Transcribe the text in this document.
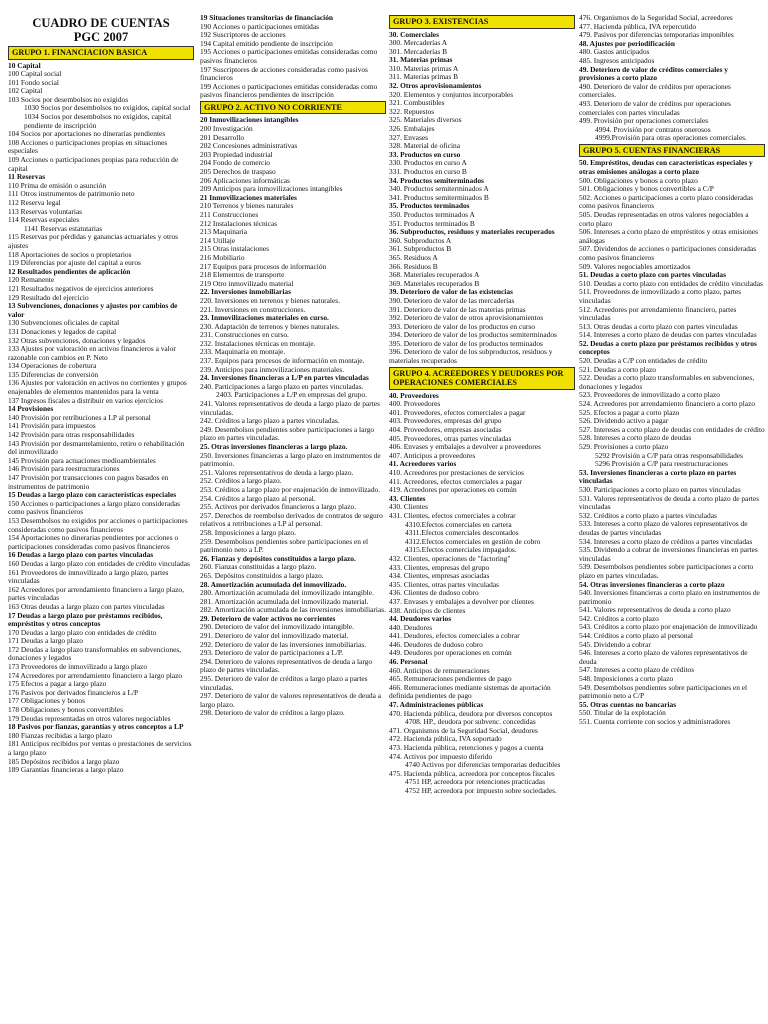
CUADRO DE CUENTAS
PGC 2007
GRUPO 1. FINANCIACION BASICA
10 Capital
100 Capital social
101 Fondo social
102 Capital
103 Socios por desembolsos no exigidos
1030 Socios por desembolsos no exigidos, capital social
1034 Socios por desembolsos no exigidos, capital pendiente de inscripción
104 Socios por aportaciones no dinerarias pendientes
108 Acciones o participaciones propias en situaciones especiales
109 Acciones o participaciones propias para reducción de capital
11 Reservas
110 Prima de emisión o asunción
111 Otros instrumentos de patrimonio neto
112 Reserva legal
113 Reservas voluntarias
114 Reservas especiales
1141 Reservas estatutarias
115 Reservas por pérdidas y ganancias actuariales y otros ajustes
118 Aportaciones de socios o propietarios
119 Diferencias por ajuste del capital a euros
12 Resultados pendientes de aplicación
120 Remanente
121 Resultados negativos de ejercicios anteriores
129 Resultado del ejercicio
13 Subvenciones, donaciones y ajustes por cambios de valor
130 Subvenciones oficiales de capital
131 Donaciones y legados de capital
132 Otras subvenciones, donaciones y legados
133 Ajustes por valoración en activos financieros a valor razonable con cambios en P. Neto
134 Operaciones de cobertura
135 Diferencias de conversión
136 Ajustes por valoración en activos no corrientes y grupos enajenables de elementos mantenidos para la venta
137 Ingresos fiscales a distribuir en varios ejercicios
14 Provisiones
140 Provisión por retribuciones a LP al personal
141 Provisión para impuestos
142 Provisión para otras responsabilidades
143 Provisión por desmantelamiento, retiro o rehabilitación del inmovilizado
145 Provisión para actuaciones medioambientales
146 Provisión para reestructuraciones
147 Provisión por transacciones con pagos basados en instrumentos de patrimonio
15 Deudas a largo plazo con características especiales
150 Acciones o participaciones a largo plazo consideradas como pasivos financieros
153 Desembolsos no exigidos por acciones o participaciones consideradas como pasivos financieros
154 Aportaciones no dinerarias pendientes por acciones o participaciones consideradas como pasivos financieros
16 Deudas a largo plazo con partes vinculadas
160 Deudas a largo plazo con entidades de crédito vinculadas
161 Proveedores de inmovilizado a largo plazo, partes vinculadas
162 Acreedores por arrendamiento financiero a largo plazo, partes vinculadas
163 Otras deudas a largo plazo con partes vinculadas
17 Deudas a largo plazo por préstamos recibidos, empréstitos y otros conceptos
170 Deudas a largo plazo con entidades de crédito
171 Deudas a largo plazo
172 Deudas a largo plazo transformables en subvenciones, donaciones y legados
173 Proveedores de inmovilizado a largo plazo
174 Acreedores por arrendamiento financiero a largo plazo
175 Efectos a pagar a largo plazo
176 Pasivos por derivados financieros a L/P
177 Obligaciones y bonos
178 Obligaciones y bonos convertibles
179 Deudas representadas en otros valores negociables
18 Pasivos por fianzas, garantías y otros conceptos a LP
180 Fianzas recibidas a largo plazo
181 Anticipos recibidos por ventas o prestaciones de servicios a largo plazo
185 Depósitos recibidos a largo plazo
189 Garantías financieras a largo plazo
19 Situaciones transitorias de financiación
190 Acciones o participaciones emitidas
192 Suscriptores de acciones
194 Capital emitido pendiente de inscripción
195 Acciones o participaciones emitidas consideradas como pasivos financieros
197 Suscriptores de acciones consideradas como pasivos financieros
199 Acciones o participaciones emitidas consideradas como pasivos financieros pendientes de inscripción
GRUPO 2. ACTIVO NO CORRIENTE
20 Inmovilizaciones intangibles
200 Investigación
201 Desarrollo
202 Concesiones administrativas
203 Propiedad industrial
204 Fondo de comercio
205 Derechos de traspaso
206 Aplicaciones informáticas
209 Anticipos para inmovilizaciones intangibles
21 Inmovilizaciones materiales
210 Terrenos y bienes naturales
211 Construcciones
212 Instalaciones técnicas
213 Maquinaria
214 Utillaje
215 Otras instalaciones
216 Mobiliario
217 Equipos para procesos de información
218 Elementos de transporte
219 Otro inmovilizado material
22. Inversiones inmobiliarias
220. Inversiones en terrenos y bienes naturales.
221. Inversiones en construcciones.
23. Inmovilizaciones materiales en curso.
230. Adaptación de terrenos y bienes naturales.
231. Construcciones en curso.
232. Instalaciones técnicas en montaje.
233. Maquinaria en montaje.
237. Equipos para procesos de información en montaje.
239. Anticipos para inmovilizaciones materiales.
24. Inversiones financieras a L/P en partes vinculadas
240. Participaciones a largo plazo en partes vinculadas.
2403. Participaciones a L/P en empresas del grupo.
241. Valores representativos de deuda a largo plazo de partes vinculadas.
242. Créditos a largo plazo a partes vinculadas.
249. Desembolsos pendientes sobre participaciones a largo plazo en partes vinculadas.
25. Otras inversiones financieras a largo plazo.
250. Inversiones financieras a largo plazo en instrumentos de patrimonio.
251. Valores representativos de deuda a largo plazo.
252. Créditos a largo plazo.
253. Créditos a largo plazo por enajenación de inmovilizado.
254. Créditos a largo plazo al personal.
255. Activos por derivados financieros a largo plazo.
257. Derechos de reembolso derivados de contratos de seguro relativos a retribuciones a LP al personal.
258. Imposiciones a largo plazo.
259. Desembolsos pendientes sobre participaciones en el patrimonio neto a LP.
26. Fianzas y depósitos constituidos a largo plazo.
260. Fianzas constituidas a largo plazo.
265. Depósitos constituidos a largo plazo.
28. Amortización acumulada del inmovilizado.
280. Amortización acumulada del inmovilizado intangible.
281. Amortización acumulada del inmovilizado material.
282. Amortización acumulada de las inversiones inmobiliarias.
29. Deterioro de valor activos no corrientes
290. Deterioro de valor del inmovilizado intangible.
291. Deterioro de valor del inmovilizado material.
292. Deterioro de valor de las inversiones inmobiliarias.
293. Deterioro de valor de participaciones a L/P.
294. Deterioro de valores representativos de deuda a largo plazo de partes vinculadas.
295. Deterioro de valor de créditos a largo plazo a partes vinculadas.
297. Deterioro de valor de valores representativos de deuda a largo plazo.
298. Deterioro de valor de créditos a largo plazo.
GRUPO 3. EXISTENCIAS
30. Comerciales
300. Mercaderías A
301. Mercaderías B
31. Materias primas
310. Materias primas A
311. Materias primas B
32. Otros aprovisionamientos
320. Elementos y conjuntos incorporables
321. Combustibles
322. Repuestos
325. Materiales diversos
326. Embalajes
327. Envases
328. Material de oficina
33. Productos en curso
330. Productos en curso A
331. Productos en curso B
34. Productos semiterminados
340. Productos semiterminados A
341. Productos semiterminados B
35. Productos terminados
350. Productos terminados A
351. Productos terminados B
36. Subproductos, residuos y materiales recuperados
360. Subproductos A
361. Subproductos B
365. Residuos A
366. Residuos B
368. Materiales recuperados A
369. Materiales recuperados B
39. Deterioro de valor de las existencias
390. Deterioro de valor de las mercaderías
391. Deterioro de valor de las materias primas
392. Deterioro de valor de otros aprovisionamientos
393. Deterioro de valor de los productos en curso
394. Deterioro de valor de los productos semiterminados
395. Deterioro de valor de los productos terminados
396. Deterioro de valor de los subproductos, residuos y materiales recuperados
GRUPO 4. ACREEDORES Y DEUDORES POR OPERACIONES COMERCIALES
40. Proveedores
400. Proveedores
401. Proveedores, efectos comerciales a pagar
403. Proveedores, empresas del grupo
404. Proveedores, empresas asociadas
405. Proveedores, otras partes vinculadas
406. Envases y embalajes a devolver a proveedores
407. Anticipos a proveedores
41. Acreedores varios
410. Acreedores por prestaciones de servicios
411. Acreedores, efectos comerciales a pagar
419. Acreedores por operaciones en común
43. Clientes
430. Clientes
431. Clientes, efectos comerciales a cobrar
4310.Efectos comerciales en cartera
4311.Efectos comerciales descontados
4312.Efectos comerciales en gestión de cobro
4315.Efectos comerciales impagados.
432. Clientes, operaciones de "factoring"
433. Clientes, empresas del grupo
434. Clientes, empresas asociadas
435. Clientes, otras partes vinculadas
436. Clientes de dudoso cobro
437. Envases y embalajes a devolver por clientes
438. Anticipos de clientes
44. Deudores varios
440. Deudores
441. Deudores, efectos comerciales a cobrar
446. Deudores de dudoso cobro
449. Deudores por operaciones en común
46. Personal
460. Anticipos de remuneraciones
465. Remuneraciones pendientes de pago
466. Remuneraciones mediante sistemas de aportación definida pendientes de pago
47. Administraciones públicas
470. Hacienda pública, deudora por diversos conceptos
4708. HP., deudora por subvenc. concedidas
471. Organismos de la Seguridad Social, deudores
472. Hacienda pública, IVA soportado
473. Hacienda pública, retenciones y pagos a cuenta
474. Activos por impuesto diferido
4740 Activos por diferencias temporarias deducibles
475. Hacienda pública, acreedora por conceptos fiscales
4751 HP, acreedora por retenciones practicadas
4752 HP, acreedora por impuesto sobre sociedades.
476. Organismos de la Seguridad Social, acreedores
477. Hacienda pública, IVA repercutido
479. Pasivos por diferencias temporarias imponibles
48. Ajustes por periodificación
480. Gastos anticipados
485. Ingresos anticipados
49. Deterioro de valor de créditos comerciales y provisiones a corto plazo
490. Deterioro de valor de créditos por operaciones comerciales.
493. Deterioro de valor de créditos por operaciones comerciales con partes vinculadas
499. Provisión por operaciones comerciales
4994. Provisión por contratos onerosos
4999.Provisión para otras operaciones comerciales.
GRUPO 5. CUENTAS FINANCIERAS
50. Empréstitos, deudas con características especiales y otras emisiones análogas a corto plazo
500. Obligaciones y bonos a corto plazo
501. Obligaciones y bonos convertibles a C/P
502. Acciones o participaciones a corto plazo consideradas como pasivos financieros
505. Deudas representadas en otros valores negociables a corto plazo
506. Intereses a corto plazo de empréstitos y otras emisiones análogas
507. Dividendos de acciones o participaciones consideradas como pasivos financieros
509. Valores negociables amortizados
51. Deudas a corto plazo con partes vinculadas
510. Deudas a corto plazo con entidades de crédito vinculadas
511. Proveedores de inmovilizado a corto plazo, partes vinculadas
512. Acreedores por arrendamiento financiero, partes vinculadas
513. Otras deudas a corto plazo con partes vinculadas
514. Intereses a corto plazo de deudas con partes vinculadas
52. Deudas a corto plazo por préstamos recibidos y otros conceptos
520. Deudas a C/P con entidades de crédito
521. Deudas a corto plazo
522. Deudas a corto plazo transformables en subvenciones, donaciones y legados
523. Proveedores de inmovilizado a corto plazo
524. Acreedores por arrendamiento financiero a corto plazo
525. Efectos a pagar a corto plazo
526. Dividendo activo a pagar
527. Intereses a corto plazo de deudas con entidades de crédito
528. Intereses a corto plazo de deudas
529. Provisiones a corto plazo
5292 Provisión a C/P para otras responsabilidades
5296 Provisión a C/P para reestructuraciones
53. Inversiones financieras a corto plazo en partes vinculadas
530. Participaciones a corto plazo en partes vinculadas
531. Valores representativos de deuda a corto plazo de partes vinculadas
532. Créditos a corto plazo a partes vinculadas
533. Intereses a corto plazo de valores representativos de deudas de partes vinculadas
534. Intereses a corto plazo de créditos a partes vinculadas
535. Dividendo a cobrar de inversiones financieras en partes vinculadas
539. Desembolsos pendientes sobre participaciones a corto plazo en partes vinculadas.
54. Otras inversiones financieras a corto plazo
540. Inversiones financieras a corto plazo en instrumentos de patrimonio
541. Valores representativos de deuda a corto plazo
542. Créditos a corto plazo
543. Créditos a corto plazo por enajenación de inmovilizado
544. Créditos a corto plazo al personal
545. Dividendo a cobrar
546. Intereses a corto plazo de valores representativos de deuda
547. Intereses a corto plazo de créditos
548. Imposiciones a corto plazo
549. Desembolsos pendientes sobre participaciones en el patrimonio neto a C/P
55. Otras cuentas no bancarias
550. Titular de la explotación
551. Cuenta corriente con socios y administradores
